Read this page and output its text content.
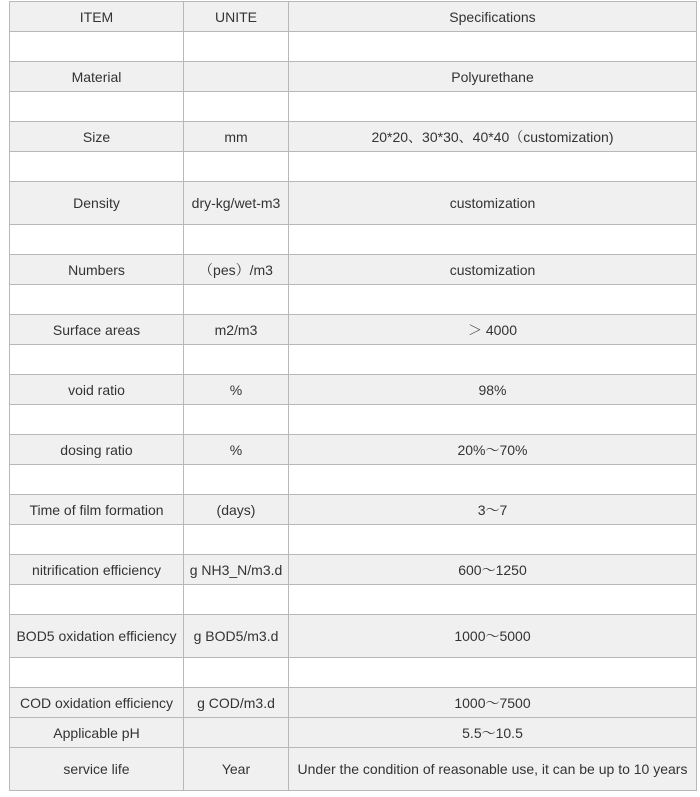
ITEM	UNITE	Specifications

Material		Polyurethane

Size	mm	20*20、30*30、40*40（customization)

Density	dry-kg/wet-m3	customization

Numbers	（pes）/m3	customization

Surface areas	m2/m3	＞ 4000

void ratio	%	98%

dosing ratio	%	20%～70%

Time of film formation	(days)	3～7

nitrification efficiency	g NH3_N/m3.d	600～1250

BOD5 oxidation efficiency	g BOD5/m3.d	1000～5000

COD oxidation efficiency	g COD/m3.d	1000～7500
Applicable pH		5.5～10.5
service life	Year	Under the condition of reasonable use, it can be up to 10 years
